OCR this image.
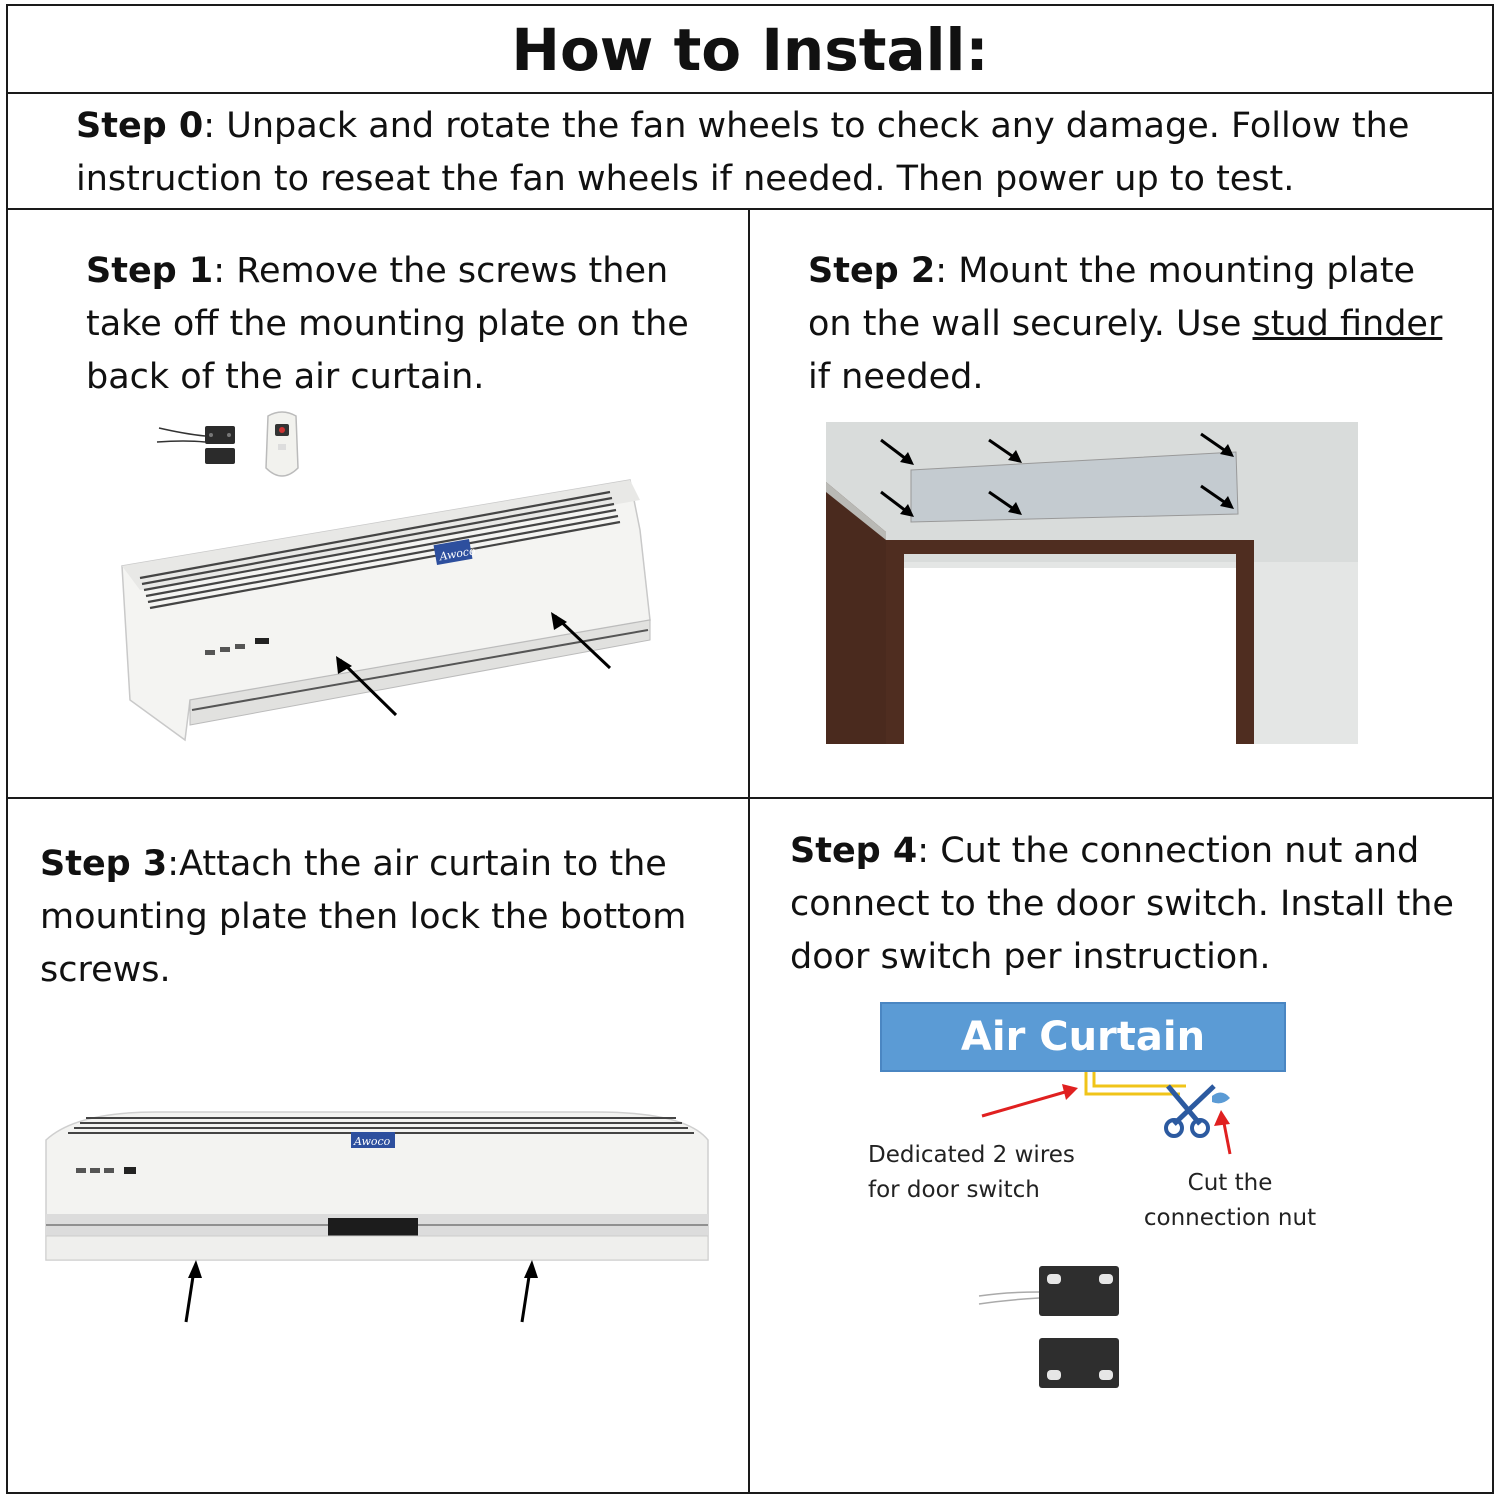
How to Install:
Step 0: Unpack and rotate the fan wheels to check any damage. Follow the
instruction to reseat the fan wheels if needed. Then power up to test.
Step 1: Remove the screws then
take off the mounting plate on the
back of the air curtain.
Awoco
Step 2: Mount the mounting plate
on the wall securely. Use stud finder
if needed.
Step 3:Attach the air curtain to the
mounting plate then lock the bottom
screws.
Awoco
Step 4: Cut the connection nut and
connect to the door switch. Install the
door switch per instruction.
Air Curtain
Dedicated 2 wires
for door switch	Cut the
connection nut
